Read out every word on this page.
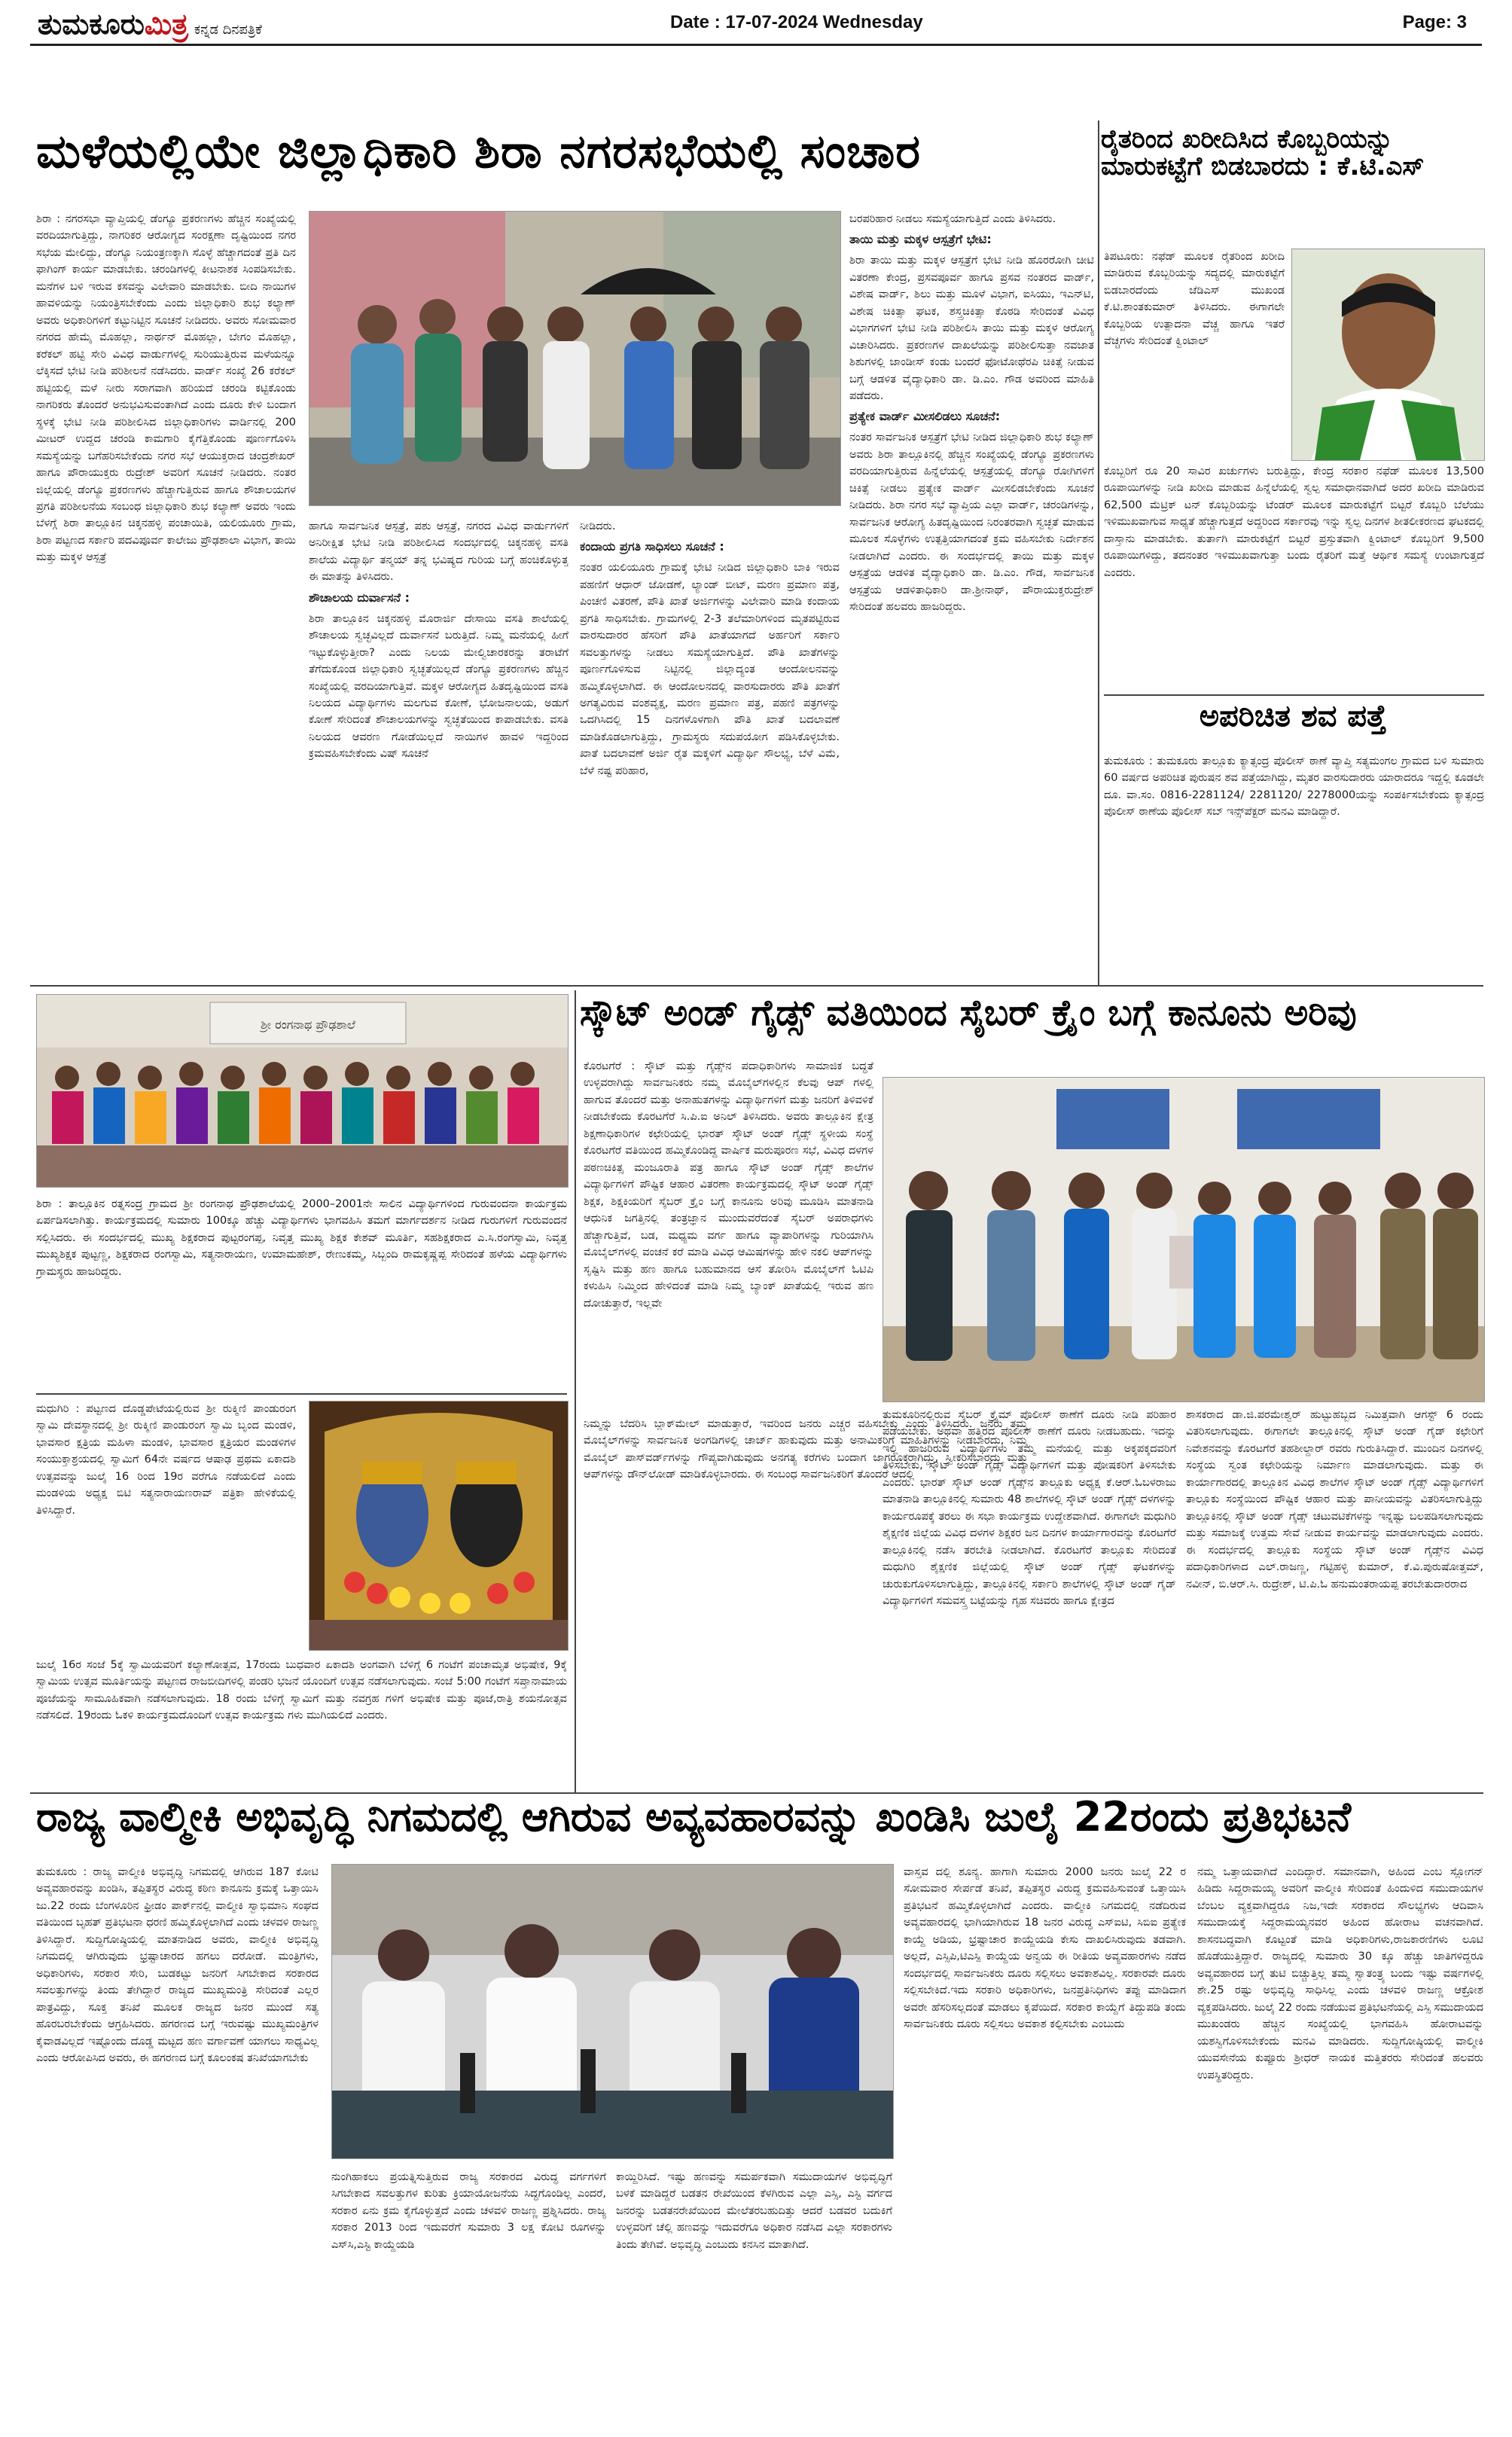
ತುಮಕೂರುಮಿತ್ರ ಕನ್ನಡ ದಿನಪತ್ರಿಕೆ	Date : 17-07-2024 Wednesday	Page: 3
ಮಳೆಯಲ್ಲಿಯೇ ಜಿಲ್ಲಾಧಿಕಾರಿ ಶಿರಾ ನಗರಸಭೆಯಲ್ಲಿ ಸಂಚಾರ

ಶಿರಾ : ನಗರಸಭಾ ವ್ಯಾಪ್ತಿಯಲ್ಲಿ ಡೆಂಗ್ಯೂ ಪ್ರಕರಣಗಳು ಹೆಚ್ಚಿನ ಸಂಖ್ಯೆಯಲ್ಲಿ ವರದಿಯಾಗುತ್ತಿದ್ದು, ನಾಗರಿಕರ ಆರೋಗ್ಯದ ಸಂರಕ್ಷಣಾ ದೃಷ್ಟಿಯಿಂದ ನಗರ ಸಭೆಯ ಮೇಲಿದ್ದು, ಡೆಂಗ್ಯೂ ನಿಯಂತ್ರಣಕ್ಕಾಗಿ ಸೊಳ್ಳೆ ಹೆಚ್ಚಾಗದಂತೆ ಪ್ರತಿ ದಿನ ಫಾಗಿಂಗ್ ಕಾರ್ಯ ಮಾಡಬೇಕು. ಚರಂಡಿಗಳಲ್ಲಿ ಕೀಟನಾಶಕ ಸಿಂಪಡಿಸಬೇಕು. ಮನೆಗಳ ಬಳಿ ಇರುವ ಕಸವನ್ನು ವಿಲೇವಾರಿ ಮಾಡಬೇಕು. ಬೀದಿ ನಾಯಿಗಳ ಹಾವಳಿಯನ್ನು ನಿಯಂತ್ರಿಸಬೇಕೆಂದು ಎಂದು ಜಿಲ್ಲಾಧಿಕಾರಿ ಶುಭ ಕಲ್ಯಾಣ್ ಅವರು ಅಧಿಕಾರಿಗಳಿಗೆ ಕಟ್ಟುನಿಟ್ಟಿನ ಸೂಚನೆ ನೀಡಿದರು. ಅವರು ಸೋಮವಾರ ನಗರದ ಹೇಮೈ ಮೊಹಲ್ಲಾ, ನಾರ್ಥನ್ ಮೊಹಲ್ಲಾ, ಬೇಗಂ ಮೊಹಲ್ಲಾ, ಕರೆಕಲ್ ಹಟ್ಟಿ ಸೇರಿ ವಿವಿಧ ವಾರ್ಡುಗಳಲ್ಲಿ ಸುರಿಯುತ್ತಿರುವ ಮಳೆಯನ್ನೂ ಲೆಕ್ಕಿಸದೆ ಭೇಟಿ ನೀಡಿ ಪರಿಶೀಲನೆ ನಡೆಸಿದರು. ವಾರ್ಡ್ ಸಂಖ್ಯೆ 26 ಕರೆಕಲ್ ಹಟ್ಟಿಯಲ್ಲಿ ಮಳೆ ನೀರು ಸರಾಗವಾಗಿ ಹರಿಯದೆ ಚರಂಡಿ ಕಟ್ಟಿಕೊಂಡು ನಾಗರಿಕರು ತೊಂದರೆ ಅನುಭವಿಸುವಂತಾಗಿದೆ ಎಂದು ದೂರು ಕೇಳಿ ಬಂದಾಗ ಸ್ಥಳಕ್ಕೆ ಭೇಟಿ ನೀಡಿ ಪರಿಶೀಲಿಸಿದ ಜಿಲ್ಲಾಧಿಕಾರಿಗಳು ವಾರ್ಡಿನಲ್ಲಿ 200 ಮೀಟರ್ ಉದ್ದದ ಚರಂಡಿ ಕಾಮಗಾರಿ ಕೈಗೆತ್ತಿಕೊಂಡು ಪೂರ್ಣಗೊಳಿಸಿ ಸಮಸ್ಯೆಯನ್ನು ಬಗೆಹರಿಸಬೇಕೆಂದು ನಗರ ಸಭೆ ಆಯುಕ್ತರಾದ ಚಂದ್ರಶೇಖರ್ ಹಾಗೂ ಪೌರಾಯುಕ್ತರು ರುದ್ರೇಶ್ ಅವರಿಗೆ ಸೂಚನೆ ನೀಡಿದರು. ನಂತರ ಜಿಲ್ಲೆಯಲ್ಲಿ ಡೆಂಗ್ಯೂ ಪ್ರಕರಣಗಳು ಹೆಚ್ಚಾಗುತ್ತಿರುವ ಹಾಗೂ ಶೌಚಾಲಯಗಳ ಪ್ರಗತಿ ಪರಿಶೀಲನೆಯ ಸಂಬಂಧ ಜಿಲ್ಲಾಧಿಕಾರಿ ಶುಭ ಕಲ್ಯಾಣ್ ಅವರು ಇಂದು ಬೆಳಗ್ಗೆ ಶಿರಾ ತಾಲ್ಲೂಕಿನ ಚಿಕ್ಕನಹಳ್ಳಿ ಪಂಚಾಯಿತಿ, ಯಲಿಯೂರು ಗ್ರಾಮ, ಶಿರಾ ಪಟ್ಟಣದ ಸರ್ಕಾರಿ ಪದವಿಪೂರ್ವ ಕಾಲೇಜು ಪ್ರೌಢಶಾಲಾ ವಿಭಾಗ, ತಾಯಿ ಮತ್ತು ಮಕ್ಕಳ ಆಸ್ಪತ್ರೆ

ಹಾಗೂ ಸಾರ್ವಜನಿಕ ಆಸ್ಪತ್ರೆ, ಪಶು ಆಸ್ಪತ್ರೆ, ನಗರದ ವಿವಿಧ ವಾರ್ಡುಗಳಿಗೆ ಅನಿರೀಕ್ಷಿತ ಭೇಟಿ ನೀಡಿ ಪರಿಶೀಲಿಸಿದ ಸಂದರ್ಭದಲ್ಲಿ ಚಿಕ್ಕನಹಳ್ಳಿ ವಸತಿ ಶಾಲೆಯ ವಿದ್ಯಾರ್ಥಿ ತನ್ಮಯ್ ತನ್ನ ಭವಿಷ್ಯದ ಗುರಿಯ ಬಗ್ಗೆ ಹಂಚಿಕೊಳ್ಳುತ್ತ ಈ ಮಾತನ್ನು ತಿಳಿಸಿದರು.

ಶೌಚಾಲಯ ದುರ್ವಾಸನೆ :

ಶಿರಾ ತಾಲ್ಲೂಕಿನ ಚಿಕ್ಕನಹಳ್ಳಿ ಮೊರಾರ್ಜಿ ದೇಸಾಯಿ ವಸತಿ ಶಾಲೆಯಲ್ಲಿ ಶೌಚಾಲಯ ಸ್ವಚ್ಛವಿಲ್ಲದೆ ದುರ್ವಾಸನೆ ಬರುತ್ತಿದೆ. ನಿಮ್ಮ ಮನೆಯಲ್ಲಿ ಹೀಗೆ ಇಟ್ಟುಕೊಳ್ಳುತ್ತೀರಾ? ಎಂದು ನಿಲಯ ಮೇಲ್ವಿಚಾರಕರನ್ನು ತರಾಟೆಗೆ ತೆಗೆದುಕೊಂಡ ಜಿಲ್ಲಾಧಿಕಾರಿ ಸ್ವಚ್ಛತೆಯಿಲ್ಲದೆ ಡೆಂಗ್ಯೂ ಪ್ರಕರಣಗಳು ಹೆಚ್ಚಿನ ಸಂಖ್ಯೆಯಲ್ಲಿ ವರದಿಯಾಗುತ್ತಿವೆ. ಮಕ್ಕಳ ಆರೋಗ್ಯದ ಹಿತದೃಷ್ಟಿಯಿಂದ ವಸತಿ ನಿಲಯದ ವಿದ್ಯಾರ್ಥಿಗಳು ಮಲಗುವ ಕೋಣೆ, ಭೋಜನಾಲಯ, ಅಡುಗೆ ಕೋಣೆ ಸೇರಿದಂತೆ ಶೌಚಾಲಯಗಳನ್ನು ಸ್ವಚ್ಛತೆಯಿಂದ ಕಾಪಾಡಬೇಕು. ವಸತಿ ನಿಲಯದ ಆವರಣ ಗೋಡೆಯಿಲ್ಲದೆ ನಾಯಿಗಳ ಹಾವಳಿ ಇದ್ದರಿಂದ ಕ್ರಮವಹಿಸಬೇಕೆಂದು ವಿಷ್ ಸೂಚನೆ

ನೀಡಿದರು.

ಕಂದಾಯ ಪ್ರಗತಿ ಸಾಧಿಸಲು ಸೂಚನೆ :

ನಂತರ ಯಲಿಯೂರು ಗ್ರಾಮಕ್ಕೆ ಭೇಟಿ ನೀಡಿದ ಜಿಲ್ಲಾಧಿಕಾರಿ ಬಾಕಿ ಇರುವ ಪಹಣಿಗೆ ಆಧಾರ್ ಜೋಡಣೆ, ಲ್ಯಾಂಡ್ ಬೀಟ್, ಮರಣ ಪ್ರಮಾಣ ಪತ್ರ, ಪಿಂಚಣಿ ವಿತರಣೆ, ಪೌತಿ ಖಾತೆ ಅರ್ಜಿಗಳನ್ನು ವಿಲೇವಾರಿ ಮಾಡಿ ಕಂದಾಯ ಪ್ರಗತಿ ಸಾಧಿಸಬೇಕು. ಗ್ರಾಮಗಳಲ್ಲಿ 2-3 ತಲೆಮಾರಿಗಳಿಂದ ಮೃತಪಟ್ಟಿರುವ ವಾರಸುದಾರರ ಹೆಸರಿಗೆ ಪೌತಿ ಖಾತೆಯಾಗದೆ ಅರ್ಹರಿಗೆ ಸರ್ಕಾರಿ ಸವಲತ್ತುಗಳನ್ನು ನೀಡಲು ಸಮಸ್ಯೆಯಾಗುತ್ತಿದೆ. ಪೌತಿ ಖಾತೆಗಳನ್ನು ಪೂರ್ಣಗೊಳಿಸುವ ನಿಟ್ಟಿನಲ್ಲಿ ಜಿಲ್ಲಾದ್ಯಂತ ಆಂದೋಲನವನ್ನು ಹಮ್ಮಿಕೊಳ್ಳಲಾಗಿದೆ. ಈ ಆಂದೋಲನದಲ್ಲಿ ವಾರಸುದಾರರು ಪೌತಿ ಖಾತೆಗೆ ಅಗತ್ಯವಿರುವ ವಂಶವೃಕ್ಷ, ಮರಣ ಪ್ರಮಾಣ ಪತ್ರ, ಪಹಣಿ ಪತ್ರಗಳನ್ನು ಒದಗಿಸಿದಲ್ಲಿ 15 ದಿನಗಳೊಳಗಾಗಿ ಪೌತಿ ಖಾತೆ ಬದಲಾವಣೆ ಮಾಡಿಕೊಡಲಾಗುತ್ತಿದ್ದು, ಗ್ರಾಮಸ್ಥರು ಸದುಪಯೋಗ ಪಡಿಸಿಕೊಳ್ಳಬೇಕು. ಖಾತೆ ಬದಲಾವಣೆ ಅರ್ಜಿ ರೈತ ಮಕ್ಕಳಿಗೆ ವಿದ್ಯಾರ್ಥಿ ಸೌಲಭ್ಯ, ಬೆಳೆ ವಿಮೆ, ಬೆಳೆ ನಷ್ಟ ಪರಿಹಾರ,

ಬರಪರಿಹಾರ ನೀಡಲು ಸಮಸ್ಯೆಯಾಗುತ್ತಿದೆ ಎಂದು ತಿಳಿಸಿದರು.

ತಾಯಿ ಮತ್ತು ಮಕ್ಕಳ ಆಸ್ಪತ್ರೆಗೆ ಭೇಟಿ:

ಶಿರಾ ತಾಯಿ ಮತ್ತು ಮಕ್ಕಳ ಆಸ್ಪತ್ರೆಗೆ ಭೇಟಿ ನೀಡಿ ಹೊರರೋಗಿ ಚೀಟಿ ವಿತರಣಾ ಕೇಂದ್ರ, ಪ್ರಸವಪೂರ್ವ ಹಾಗೂ ಪ್ರಸವ ನಂತರದ ವಾರ್ಡ್, ವಿಶೇಷ ವಾರ್ಡ್, ಶಿಲು ಮತ್ತು ಮೂಳೆ ವಿಭಾಗ, ಐಸಿಯು, ಇಎನ್‌ಟಿ, ವಿಶೇಷ ಚಿಕಿತ್ಸಾ ಘಟಕ, ಶಸ್ತ್ರಚಿಕಿತ್ಸಾ ಕೊಠಡಿ ಸೇರಿದಂತೆ ವಿವಿಧ ವಿಭಾಗಗಳಿಗೆ ಭೇಟಿ ನೀಡಿ ಪರಿಶೀಲಿಸಿ ತಾಯಿ ಮತ್ತು ಮಕ್ಕಳ ಆರೋಗ್ಯ ವಿಚಾರಿಸಿದರು. ಪ್ರಕರಣಗಳ ದಾಖಲೆಯನ್ನು ಪರಿಶೀಲಿಸುತ್ತಾ ನವಜಾತ ಶಿಶುಗಳಲ್ಲಿ ಜಾಂಡೀಸ್ ಕಂಡು ಬಂದರೆ ಫೋಟೋಥೆರಪಿ ಚಿಕಿತ್ಸೆ ನೀಡುವ ಬಗ್ಗೆ ಆಡಳಿತ ವೈದ್ಯಾಧಿಕಾರಿ ಡಾ. ಡಿ.ಎಂ. ಗೌಡ ಅವರಿಂದ ಮಾಹಿತಿ ಪಡೆದರು.

ಪ್ರತ್ಯೇಕ ವಾರ್ಡ್ ಮೀಸಲಿಡಲು ಸೂಚನೆ:

ನಂತರ ಸಾರ್ವಜನಿಕ ಆಸ್ಪತ್ರೆಗೆ ಭೇಟಿ ನೀಡಿದ ಜಿಲ್ಲಾಧಿಕಾರಿ ಶುಭ ಕಲ್ಯಾಣ್ ಅವರು ಶಿರಾ ತಾಲ್ಲೂಕಿನಲ್ಲಿ ಹೆಚ್ಚಿನ ಸಂಖ್ಯೆಯಲ್ಲಿ ಡೆಂಗ್ಯೂ ಪ್ರಕರಣಗಳು ವರದಿಯಾಗುತ್ತಿರುವ ಹಿನ್ನೆಲೆಯಲ್ಲಿ ಆಸ್ಪತ್ರೆಯಲ್ಲಿ ಡೆಂಗ್ಯೂ ರೋಗಿಗಳಿಗೆ ಚಿಕಿತ್ಸೆ ನೀಡಲು ಪ್ರತ್ಯೇಕ ವಾರ್ಡ್ ಮೀಸಲಿಡಬೇಕೆಂದು ಸೂಚನೆ ನೀಡಿದರು. ಶಿರಾ ನಗರ ಸಭೆ ವ್ಯಾಪ್ತಿಯ ಎಲ್ಲಾ ವಾರ್ಡ್, ಚರಂಡಿಗಳನ್ನು, ಸಾರ್ವಜನಿಕ ಆರೋಗ್ಯ ಹಿತದೃಷ್ಟಿಯಿಂದ ನಿರಂತರವಾಗಿ ಸ್ವಚ್ಛತೆ ಮಾಡುವ ಮೂಲಕ ಸೊಳ್ಳೆಗಳು ಉತ್ಪತ್ತಿಯಾಗದಂತೆ ಕ್ರಮ ವಹಿಸಬೇಕು ನಿರ್ದೇಶನ ನೀಡಲಾಗಿದೆ ಎಂದರು. ಈ ಸಂದರ್ಭದಲ್ಲಿ ತಾಯಿ ಮತ್ತು ಮಕ್ಕಳ ಆಸ್ಪತ್ರೆಯ ಆಡಳಿತ ವೈದ್ಯಾಧಿಕಾರಿ ಡಾ. ಡಿ.ಎಂ. ಗೌಡ, ಸಾರ್ವಜನಿಕ ಆಸ್ಪತ್ರೆಯ ಆಡಳಿತಾಧಿಕಾರಿ ಡಾ.ಶ್ರೀನಾಥ್, ಪೌರಾಯುಕ್ತರುದ್ರೇಶ್ ಸೇರಿದಂತೆ ಹಲವರು ಹಾಜರಿದ್ದರು.

ರೈತರಿಂದ ಖರೀದಿಸಿದ ಕೊಬ್ಬರಿಯನ್ನು ಮಾರುಕಟ್ಟೆಗೆ ಬಿಡಬಾರದು : ಕೆ.ಟಿ.ಎಸ್

ತಿಪಟೂರು: ನಫೆಡ್ ಮೂಲಕ ರೈತರಿಂದ ಖರೀದಿ ಮಾಡಿರುವ ಕೊಬ್ಬರಿಯನ್ನು ಸದ್ಯದಲ್ಲಿ ಮಾರುಕಟ್ಟೆಗೆ ಬಿಡಬಾರದೆಂದು ಜೆಡಿಎಸ್ ಮುಖಂಡ ಕೆ.ಟಿ.ಶಾಂತಕುಮಾರ್ ತಿಳಿಸಿದರು. ಈಗಾಗಲೇ ಕೊಬ್ಬರಿಯ ಉತ್ಪಾದನಾ ವೆಚ್ಚ ಹಾಗೂ ಇತರೆ ವೆಚ್ಚಗಳು ಸೇರಿದಂತೆ ಕ್ವಿಂಟಾಲ್

ಕೊಬ್ಬರಿಗೆ ರೂ 20 ಸಾವಿರ ಖರ್ಚುಗಳು ಬರುತ್ತಿದ್ದು, ಕೇಂದ್ರ ಸರಕಾರ ನಫೆಡ್ ಮೂಲಕ 13,500 ರೂಪಾಯಿಗಳನ್ನು ನೀಡಿ ಖರೀದಿ ಮಾಡುವ ಹಿನ್ನೆಲೆಯಲ್ಲಿ ಸ್ವಲ್ಪ ಸಮಾಧಾನವಾಗಿದೆ ಅದರ ಖರೀದಿ ಮಾಡಿರುವ 62,500 ಮೆಟ್ರಿಕ್ ಟನ್ ಕೊಬ್ಬರಿಯನ್ನು ಟೆಂಡರ್ ಮೂಲಕ ಮಾರುಕಟ್ಟೆಗೆ ಬಿಟ್ಟರೆ ಕೊಬ್ಬರಿ ಬೆಲೆಯು ಇಳಿಮುಖವಾಗುವ ಸಾಧ್ಯತೆ ಹೆಚ್ಚಾಗುತ್ತದೆ ಅದ್ದರಿಂದ ಸರ್ಕಾರವು ಇನ್ನು ಸ್ವಲ್ಪ ದಿನಗಳ ಶೀತಲೀಕರಣದ ಘಟಕದಲ್ಲಿ ದಾಸ್ತಾನು ಮಾಡಬೇಕು. ತುರ್ತಾಗಿ ಮಾರುಕಟ್ಟೆಗೆ ಬಿಟ್ಟರೆ ಪ್ರಸ್ತುತವಾಗಿ ಕ್ವಿಂಟಾಲ್ ಕೊಬ್ಬರಿಗೆ 9,500 ರೂಪಾಯಿಗಳಿದ್ದು, ತದನಂತರ ಇಳಿಮುಖವಾಗುತ್ತಾ ಬಂದು ರೈತರಿಗೆ ಮತ್ತೆ ಆರ್ಥಿಕ ಸಮಸ್ಯೆ ಉಂಟಾಗುತ್ತದೆ ಎಂದರು.

ಅಪರಿಚಿತ ಶವ ಪತ್ತೆ

ತುಮಕೂರು : ತುಮಕೂರು ತಾಲ್ಲೂಕು ಕ್ಯಾತ್ಸಂದ್ರ ಪೊಲೀಸ್ ಠಾಣೆ ವ್ಯಾಪ್ತಿ ಸತ್ಯಮಂಗಲ ಗ್ರಾಮದ ಬಳಿ ಸುಮಾರು 60 ವರ್ಷದ ಅಪರಿಚಿತ ಪುರುಷನ ಶವ ಪತ್ತೆಯಾಗಿದ್ದು, ಮೃತರ ವಾರಸುದಾರರು ಯಾರಾದರೂ ಇದ್ದಲ್ಲಿ ಕೂಡಲೇ ದೂ. ವಾ.ಸಂ. 0816-2281124/ 2281120/ 2278000ಯನ್ನು ಸಂಪರ್ಕಿಸಬೇಕೆಂದು ಕ್ಯಾತ್ಸಂದ್ರ ಪೊಲೀಸ್ ಠಾಣೆಯ ಪೊಲೀಸ್ ಸಬ್ ಇನ್ಸ್‌ಪೆಕ್ಟರ್ ಮನವಿ ಮಾಡಿದ್ದಾರೆ.

ಶ್ರೀ ರಂಗನಾಥ ಪ್ರೌಢಶಾಲೆ

ಶಿರಾ : ತಾಲ್ಲೂಕಿನ ರತ್ನಸಂದ್ರ ಗ್ರಾಮದ ಶ್ರೀ ರಂಗನಾಥ ಪ್ರೌಢಶಾಲೆಯಲ್ಲಿ 2000–2001ನೇ ಸಾಲಿನ ವಿದ್ಯಾರ್ಥಿಗಳಿಂದ ಗುರುವಂದನಾ ಕಾರ್ಯಕ್ರಮ ಏರ್ಪಡಿಸಲಾಗಿತ್ತು. ಕಾರ್ಯಕ್ರಮದಲ್ಲಿ ಸುಮಾರು 100ಕ್ಕೂ ಹೆಚ್ಚು ವಿದ್ಯಾರ್ಥಿಗಳು ಭಾಗವಹಿಸಿ ತಮಗೆ ಮಾರ್ಗದರ್ಶನ ನೀಡಿದ ಗುರುಗಳಿಗೆ ಗುರುವಂದನೆ ಸಲ್ಲಿಸಿದರು. ಈ ಸಂದರ್ಭದಲ್ಲಿ ಮುಖ್ಯ ಶಿಕ್ಷಕರಾದ ಪುಟ್ಟರಂಗಪ್ಪ, ನಿವೃತ್ತ ಮುಖ್ಯ ಶಿಕ್ಷಕ ಕೇಶವ್ ಮೂರ್ತಿ, ಸಹಶಿಕ್ಷಕರಾದ ಎ.ಸಿ.ರಂಗಸ್ವಾಮಿ, ನಿವೃತ್ತ ಮುಖ್ಯಶಿಕ್ಷಕ ಪುಟ್ಟಣ್ಣ, ಶಿಕ್ಷಕರಾದ ರಂಗಸ್ವಾಮಿ, ಸತ್ಯನಾರಾಯಣ, ಉಮಾಮಹೇಶ್, ರೇಣುಕಮ್ಮ, ಸಿಬ್ಬಂದಿ ರಾಮಕೃಷ್ಣಪ್ಪ ಸೇರಿದಂತೆ ಹಳೆಯ ವಿದ್ಯಾರ್ಥಿಗಳು ಗ್ರಾಮಸ್ಥರು ಹಾಜರಿದ್ದರು.

ಮಧುಗಿರಿ : ಪಟ್ಟಣದ ದೊಡ್ಡಪೇಟೆಯಲ್ಲಿರುವ ಶ್ರೀ ರುಕ್ಮಿಣಿ ಪಾಂಡುರಂಗ ಸ್ವಾಮಿ ದೇವಸ್ಥಾನದಲ್ಲಿ ಶ್ರೀ ರುಕ್ಮಿಣಿ ಪಾಂಡುರಂಗ ಸ್ವಾಮಿ ಬೃಂದ ಮಂಡಳಿ, ಭಾವಸಾರ ಕ್ಷತ್ರಿಯ ಮಹಿಳಾ ಮಂಡಳಿ, ಭಾವಸಾರ ಕ್ಷತ್ರಿಯರ ಮಂಡಳಿಗಳ ಸಂಯುಕ್ತಾಶ್ರಯದಲ್ಲಿ ಸ್ವಾಮಿಗೆ 64ನೇ ವರ್ಷದ ಆಷಾಢ ಪ್ರಥಮ ಏಕಾದಶಿ ಉತ್ಸವವನ್ನು ಜುಲೈ 16 ರಿಂದ 19ರ ವರೆಗೂ ನಡೆಯಲಿದೆ ಎಂದು ಮಂಡಳಿಯ ಅಧ್ಯಕ್ಷ ಬಿಟಿ ಸತ್ಯನಾರಾಯಣರಾವ್ ಪತ್ರಿಕಾ ಹೇಳಿಕೆಯಲ್ಲಿ ತಿಳಿಸಿದ್ದಾರೆ.

ಜುಲೈ 16ರ ಸಂಜೆ 5ಕ್ಕೆ ಸ್ವಾಮಿಯವರಿಗೆ ಕಲ್ಯಾಣೋತ್ಸವ, 17ರಂದು ಬುಧವಾರ ಏಕಾದಶಿ ಅಂಗವಾಗಿ ಬೆಳಿಗ್ಗೆ 6 ಗಂಟೆಗೆ ಪಂಚಾಮೃತ ಅಭಿಷೇಕ, 9ಕ್ಕೆ ಸ್ವಾಮಿಯ ಉತ್ಸವ ಮೂರ್ತಿಯನ್ನು ಪಟ್ಟಣದ ರಾಜಬೀದಿಗಳಲ್ಲಿ ಪಂಡರಿ ಭಜನೆ ಯೊಂದಿಗೆ ಉತ್ಸವ ನಡೆಸಲಾಗುವುದು. ಸಂಜೆ 5:00 ಗಂಟೆಗೆ ಸಪ್ತಾನಾಮಾಯ ಪೂಜೆಯನ್ನು ಸಾಮೂಹಿಕವಾಗಿ ನಡೆಸಲಾಗುವುದು. 18 ರಂದು ಬೆಳಿಗ್ಗೆ ಸ್ವಾಮಿಗೆ ಮತ್ತು ನವಗ್ರಹ ಗಳಿಗೆ ಅಭಿಷೇಕ ಮತ್ತು ಪೂಜೆ,ರಾತ್ರಿ ಶಯನೋತ್ಸವ ನಡೆಸಲಿದೆ. 19ರಂದು ಓಕಳಿ ಕಾರ್ಯಕ್ರಮದೊಂದಿಗೆ ಉತ್ಸವ ಕಾರ್ಯಕ್ರಮ ಗಳು ಮುಗಿಯಲಿದೆ ಎಂದರು.

ಸ್ಕೌಟ್ ಅಂಡ್ ಗೈಡ್ಸ್ ವತಿಯಿಂದ ಸೈಬರ್ ಕ್ರೈಂ ಬಗ್ಗೆ ಕಾನೂನು ಅರಿವು

ಕೊರಟಗೆರೆ : ಸ್ಕೌಟ್ ಮತ್ತು ಗೈಡ್ಸ್‌ನ ಪದಾಧಿಕಾರಿಗಳು ಸಾಮಾಜಿಕ ಬದ್ಧತೆ ಉಳ್ಳವರಾಗಿದ್ದು ಸಾರ್ವಜನಿಕರು ನಮ್ಮ ಮೊಬೈಲ್‌ಗಳಲ್ಲಿನ ಕೆಲವು ಆಪ್ ಗಳಲ್ಲಿ ಹಾಗುವ ತೊಂದರೆ ಮತ್ತು ಅನಾಹುತಗಳನ್ನು ವಿದ್ಯಾರ್ಥಿಗಳಿಗೆ ಮತ್ತು ಜನರಿಗೆ ತಿಳಿವಳಿಕೆ ನೀಡಬೇಕೆಂದು ಕೊರಟಗೆರೆ ಸಿ.ಪಿ.ಐ ಅನಿಲ್ ತಿಳಿಸಿದರು. ಅವರು ತಾಲ್ಲೂಕಿನ ಕ್ಷೇತ್ರ ಶಿಕ್ಷಣಾಧಿಕಾರಿಗಳ ಕಛೇರಿಯಲ್ಲಿ ಭಾರತ್ ಸ್ಕೌಟ್ ಅಂಡ್ ಗೈಡ್ಸ್ ಸ್ಥಳೀಯ ಸಂಸ್ಥೆ ಕೊರಟಗೆರೆ ವತಿಯಿಂದ ಹಮ್ಮಿಕೊಂಡಿದ್ದ ವಾರ್ಷಿಕ ಮರುಪೂರಣ ಸಭೆ, ವಿವಿಧ ದಳಗಳ ಪಠಣಚಿಕಿತ್ಸ ಮಂಜೂರಾತಿ ಪತ್ರ ಹಾಗೂ ಸ್ಕೌಟ್ ಅಂಡ್ ಗೈಡ್ಸ್ ಶಾಲೆಗಳ ವಿದ್ಯಾರ್ಥಿಗಳಿಗೆ ಪೌಷ್ಟಿಕ ಆಹಾರ ವಿತರಣಾ ಕಾರ್ಯಕ್ರಮದಲ್ಲಿ ಸ್ಕೌಟ್ ಅಂಡ್ ಗೈಡ್ಸ್ ಶಿಕ್ಷಕ, ಶಿಕ್ಷಕಿಯರಿಗೆ ಸೈಬರ್ ಕ್ರೈಂ ಬಗ್ಗೆ ಕಾನೂನು ಅರಿವು ಮೂಡಿಸಿ ಮಾತನಾಡಿ ಆಧುನಿಕ ಜಗತ್ತಿನಲ್ಲಿ ತಂತ್ರಜ್ಞಾನ ಮುಂದುವರೆದಂತೆ ಸೈಬರ್ ಅಪರಾಧಗಳು ಹೆಚ್ಚಾಗುತ್ತಿವೆ, ಬಡ, ಮಧ್ಯಮ ವರ್ಗ ಹಾಗೂ ವ್ಯಾಪಾರಿಗಳನ್ನು ಗುರಿಯಾಗಿಸಿ ಮೊಬೈಲ್‌ಗಳಲ್ಲಿ ವಂಚನೆ ಕರೆ ಮಾಡಿ ವಿವಿಧ ಆಮಿಷಗಳನ್ನು ಹೇಳಿ ನಕಲಿ ಆಪ್‌ಗಳನ್ನು ಸೃಷ್ಟಿಸಿ ಮತ್ತು ಹಣ ಹಾಗೂ ಬಹುಮಾನದ ಆಸೆ ತೋರಿಸಿ ಮೊಬೈಲ್‌ಗೆ ಓಟಿಪಿ ಕಳುಹಿಸಿ ನಿಮ್ಮಿಂದ ಹೇಳಿದಂತೆ ಮಾಡಿ ನಿಮ್ಮ ಬ್ಯಾಂಕ್ ಖಾತೆಯಲ್ಲಿ ಇರುವ ಹಣ ದೋಚುತ್ತಾರೆ, ಇಲ್ಲವೇ

ನಿಮ್ಮನ್ನು ಬೆದರಿಸಿ ಬ್ಲಾಕ್‌ಮೇಲ್ ಮಾಡುತ್ತಾರೆ, ಇವರಿಂದ ಜನರು ಎಚ್ಚರ ವಹಿಸಬೇಕು ಎಂದು ತಿಳಿಸಿದರು. ಜನರು ತಮ್ಮ ಮೊಬೈಲ್‌ಗಳನ್ನು ಸಾರ್ವಜನಿಕ ಅಂಗಡಿಗಳಲ್ಲಿ ಚಾರ್ಜ್ ಹಾಕುವುದು ಮತ್ತು ಅನಾಮಿಕರಿಗೆ ಮಾಹಿತಿಗಳನ್ನು ನೀಡಬಾರದು, ನಿಮ್ಮ ಮೊಬೈಲ್ ಪಾಸ್‌ವರ್ಡ್‌ಗಳನ್ನು ಗೌಪ್ಯವಾಗಿಡುವುದು ಅನಗತ್ಯ ಕರೆಗಳು ಬಂದಾಗ ಜಾಗರೂಕರಾಗಿದ್ದು, ಸ್ವೀಕರಿಸಬಾರದು ಮತ್ತು ಆಪ್‌ಗಳನ್ನು ಡೌನ್‌ಲೋಡ್ ಮಾಡಿಕೊಳ್ಳಬಾರದು. ಈ ಸಂಬಂಧ ಸಾರ್ವಜನಿಕರಿಗೆ ತೊಂದರೆ ಆದಲ್ಲಿ

ತುಮಕೂರಿನಲ್ಲಿರುವ ಸೈಬರ್ ಕ್ರೈಮ್ ಪೊಲೀಸ್ ಠಾಣೆಗೆ ದೂರು ನೀಡಿ ಪರಿಹಾರ ಪಡೆಯಬೇಕು. ಅಥವಾ ಹತ್ತಿರದ ಪೊಲೀಸ್ ಠಾಣೆಗೆ ದೂರು ನೀಡಬಹುದು. ಇದನ್ನು ಇಲ್ಲಿ ಹಾಜರಿರುವ ವಿದ್ಯಾರ್ಥಿಗಳು ತಮ್ಮ ಮನೆಯಲ್ಲಿ ಮತ್ತು ಅಕ್ಕಪಕ್ಕದವರಿಗೆ ತಿಳಿಸಬೇಕು, ಸ್ಕೌಟ್ ಅಂಡ್ ಗೈಡ್ಸ್ ವಿದ್ಯಾರ್ಥಿಗಳಿಗೆ ಮತ್ತು ಪೋಷಕರಿಗೆ ತಿಳಿಸಬೇಕು ಎಂದರು. ಭಾರತ್ ಸ್ಕೌಟ್ ಅಂಡ್ ಗೈಡ್ಸ್‌ನ ತಾಲ್ಲೂಕು ಅಧ್ಯಕ್ಷ ಕೆ.ಆರ್.ಓಬಳರಾಜು ಮಾತನಾಡಿ ತಾಲ್ಲೂಕಿನಲ್ಲಿ ಸುಮಾರು 48 ಶಾಲೆಗಳಲ್ಲಿ ಸ್ಕೌಟ್ ಅಂಡ್ ಗೈಡ್ಸ್ ದಳಗಳನ್ನು ಕಾರ್ಯರೂಪಕ್ಕೆ ತರಲು ಈ ಸಭಾ ಕಾರ್ಯಕ್ರಮ ಉದ್ದೇಶವಾಗಿದೆ. ಈಗಾಗಲೇ ಮಧುಗಿರಿ ಶೈಕ್ಷಣಿಕ ಜಿಲ್ಲೆಯ ವಿವಿಧ ದಳಗಳ ಶಿಕ್ಷಕರ ಜನ ದಿನಗಳ ಕಾರ್ಯಾಗಾರವನ್ನು ಕೊರಟಗೆರೆ ತಾಲ್ಲೂಕಿನಲ್ಲಿ ನಡೆಸಿ ತರಬೇತಿ ನೀಡಲಾಗಿದೆ. ಕೊರಟಗೆರೆ ತಾಲ್ಲೂಕು ಸೇರಿದಂತೆ ಮಧುಗಿರಿ ಶೈಕ್ಷಣಿಕ ಜಿಲ್ಲೆಯಲ್ಲಿ ಸ್ಕೌಟ್ ಅಂಡ್ ಗೈಡ್ಸ್ ಘಟಕಗಳನ್ನು ಚುರುಕುಗೊಳಿಸಲಾಗುತ್ತಿದ್ದು, ತಾಲ್ಲೂಕಿನಲ್ಲಿ ಸರ್ಕಾರಿ ಶಾಲೆಗಳಲ್ಲಿ ಸ್ಕೌಟ್ ಅಂಡ್ ಗೈಡ್ ವಿದ್ಯಾರ್ಥಿಗಳಿಗೆ ಸಮವಸ್ತ್ರ ಬಟ್ಟೆಯನ್ನು ಗೃಹ ಸಚಿವರು ಹಾಗೂ ಕ್ಷೇತ್ರದ

ಶಾಸಕರಾದ ಡಾ.ಜಿ.ಪರಮೇಶ್ವರ್ ಹುಟ್ಟುಹಬ್ಬದ ನಿಮಿತ್ತವಾಗಿ ಆಗಸ್ಟ್ 6 ರಂದು ವಿತರಿಸಲಾಗುವುದು. ಈಗಾಗಲೇ ತಾಲ್ಲೂಕಿನಲ್ಲಿ ಸ್ಕೌಟ್ ಅಂಡ್ ಗೈಡ್ ಕಛೇರಿಗೆ ನಿವೇಶನವನ್ನು ಕೊರಟಗೆರೆ ತಹಶೀಲ್ದಾರ್ ರವರು ಗುರುತಿಸಿದ್ದಾರೆ. ಮುಂದಿನ ದಿನಗಳಲ್ಲಿ ಸಂಸ್ಥೆಯ ಸ್ವಂತ ಕಛೇರಿಯನ್ನು ನಿರ್ಮಾಣ ಮಾಡಲಾಗುವುದು. ಮತ್ತು ಈ ಕಾರ್ಯಾಗಾರದಲ್ಲಿ ತಾಲ್ಲೂಕಿನ ವಿವಿಧ ಶಾಲೆಗಳ ಸ್ಕೌಟ್ ಅಂಡ್ ಗೈಡ್ಸ್ ವಿದ್ಯಾರ್ಥಿಗಳಿಗೆ ತಾಲ್ಲೂಕು ಸಂಸ್ಥೆಯಿಂದ ಪೌಷ್ಟಿಕ ಆಹಾರ ಮತ್ತು ಪಾನೀಯವನ್ನು ವಿತರಿಸಲಾಗುತ್ತಿದ್ದು ತಾಲ್ಲೂಕಿನಲ್ಲಿ ಸ್ಕೌಟ್ ಅಂಡ್ ಗೈಡ್ಸ್ ಚಟುವಟಿಕೆಗಳನ್ನು ಇನ್ನಷ್ಟು ಬಲಪಡಿಸಲಾಗುವುದು ಮತ್ತು ಸಮಾಜಕ್ಕೆ ಉತ್ತಮ ಸೇವೆ ನೀಡುವ ಕಾರ್ಯವನ್ನು ಮಾಡಲಾಗುವುದು ಎಂದರು. ಈ ಸಂದರ್ಭದಲ್ಲಿ ತಾಲ್ಲೂಕು ಸಂಸ್ಥೆಯ ಸ್ಕೌಟ್ ಅಂಡ್ ಗೈಡ್ಸ್‌ನ ವಿವಿಧ ಪದಾಧಿಕಾರಿಗಳಾದ ಎಲ್.ರಾಜಣ್ಣ, ಗಟ್ಟಿಹಳ್ಳಿ ಕುಮಾರ್, ಕೆ.ವಿ.ಪುರುಷೋತ್ತಮ್, ನವೀನ್, ಬಿ.ಆರ್.ಸಿ. ರುದ್ರೇಶ್, ಟಿ.ಪಿ.ಓ ಹನುಮಂತರಾಯಪ್ಪ ತರಬೇತುದಾರರಾದ

ರಾಜ್ಯ ವಾಲ್ಮೀಕಿ ಅಭಿವೃದ್ಧಿ ನಿಗಮದಲ್ಲಿ ಆಗಿರುವ ಅವ್ಯವಹಾರವನ್ನು ಖಂಡಿಸಿ ಜುಲೈ 22ರಂದು ಪ್ರತಿಭಟನೆ

ತುಮಕೂರು : ರಾಜ್ಯ ವಾಲ್ಮೀಕಿ ಅಭಿವೃದ್ಧಿ ನಿಗಮದಲ್ಲಿ ಆಗಿರುವ 187 ಕೋಟಿ ಅವ್ಯವಹಾರವನ್ನು ಖಂಡಿಸಿ, ತಪ್ಪಿತಸ್ಥರ ವಿರುದ್ಧ ಕಠಿಣ ಕಾನೂನು ಕ್ರಮಕ್ಕೆ ಒತ್ತಾಯಿಸಿ ಜು.22 ರಂದು ಬೆಂಗಳೂರಿನ ಫ್ರೀಡಂ ಪಾರ್ಕ್‌ನಲ್ಲಿ ವಾಲ್ಮೀಕಿ ಸ್ವಾಭಿಮಾನಿ ಸಂಘದ ವತಿಯಿಂದ ಬೃಹತ್ ಪ್ರತಿಭಟನಾ ಧರಣಿ ಹಮ್ಮಿಕೊಳ್ಳಲಾಗಿದೆ ಎಂದು ಚಳವಳಿ ರಾಜಣ್ಣ ತಿಳಿಸಿದ್ದಾರೆ. ಸುದ್ದಿಗೋಷ್ಠಿಯಲ್ಲಿ ಮಾತನಾಡಿದ ಅವರು, ವಾಲ್ಮೀಕಿ ಅಭಿವೃದ್ಧಿ ನಿಗಮದಲ್ಲಿ ಆಗಿರುವುದು ಭ್ರಷ್ಟಾಚಾರದ ಹಗಲು ದರೋಡೆ. ಮಂತ್ರಿಗಳು, ಅಧಿಕಾರಿಗಳು, ಸರಕಾರ ಸೇರಿ, ಬುಡಕಟ್ಟು ಜನರಿಗೆ ಸಿಗಬೇಕಾದ ಸರಕಾರದ ಸವಲತ್ತುಗಳನ್ನು ತಿಂದು ತೇಗಿದ್ದಾರೆ ರಾಜ್ಯದ ಮುಖ್ಯಮಂತ್ರಿ ಸೇರಿದಂತೆ ಎಲ್ಲರ ಪಾತ್ರವಿದ್ದು, ಸೂಕ್ತ ತನಿಖೆ ಮೂಲಕ ರಾಜ್ಯದ ಜನರ ಮುಂದೆ ಸತ್ಯ ಹೊರಬರಬೇಕೆಂದು ಆಗ್ರಹಿಸಿದರು. ಹಗರಣದ ಬಗ್ಗೆ ಇರುವಷ್ಟು ಮುಖ್ಯಮಂತ್ರಿಗಳ ಕೈವಾಡವಿಲ್ಲದೆ ಇಷ್ಟೊಂದು ದೊಡ್ಡ ಮಟ್ಟದ ಹಣ ವರ್ಗಾವಣೆ ಯಾಗಲು ಸಾಧ್ಯವಿಲ್ಲ ಎಂದು ಆರೋಪಿಸಿದ ಅವರು, ಈ ಹಗರಣದ ಬಗ್ಗೆ ಕೂಲಂಕಷ ತನಿಖೆಯಾಗಬೇಕು

ನುಂಗಿಹಾಕಲು ಪ್ರಯತ್ನಿಸುತ್ತಿರುವ ರಾಜ್ಯ ಸರಕಾರದ ವಿರುದ್ಧ ವರ್ಗಗಳಿಗೆ ಸಿಗಬೇಕಾದ ಸವಲತ್ತುಗಳ ಕುರಿತು ಕ್ರಿಯಾಯೋಜನೆಯ ಸಿದ್ಧಗೊಂಡಿಲ್ಲ ಎಂದರೆ, ಸರಕಾರ ಏನು ಕ್ರಮ ಕೈಗೊಳ್ಳುತ್ತದೆ ಎಂದು ಚಳವಳಿ ರಾಜಣ್ಣ ಪ್ರಶ್ನಿಸಿದರು. ರಾಜ್ಯ ಸರಕಾರ 2013 ರಿಂದ ಇದುವರೆಗೆ ಸುಮಾರು 3 ಲಕ್ಷ ಕೋಟಿ ರೂಗಳನ್ನು ಎಸ್‌ಸಿ,ಎಸ್ಟಿ ಕಾಯ್ದೆಯಡಿ

ಕಾಯ್ದಿರಿಸಿದೆ. ಇಷ್ಟು ಹಣವನ್ನು ಸಮರ್ಪಕವಾಗಿ ಸಮುದಾಯಗಳ ಅಭಿವೃದ್ಧಿಗೆ ಬಳಕೆ ಮಾಡಿದ್ದರೆ ಬಡತನ ರೇಖೆಯಿಂದ ಕೆಳಗಿರುವ ಎಲ್ಲಾ ಎಸ್ಸಿ, ಎಸ್ಟಿ ವರ್ಗದ ಜನರನ್ನು ಬಡತನರೇಖೆಯಿಂದ ಮೇಲೆತರಬಹುದಿತ್ತು ಆದರೆ ಬಡವರ ಬದುಕಿಗೆ ಉಳ್ಳವರಿಗೆ ಚೆಲ್ಲಿ ಹಣವನ್ನು ಇದುವರೆಗೂ ಅಧಿಕಾರ ನಡೆಸಿದ ಎಲ್ಲಾ ಸರಕಾರಗಳು ತಿಂದು ತೇಗಿವೆ. ಅಭಿವೃದ್ಧಿ ಎಂಬುದು ಕನಸಿನ ಮಾತಾಗಿದೆ.

ವಾಸ್ತವ ದಲ್ಲಿ ಶೂನ್ಯ. ಹಾಗಾಗಿ ಸುಮಾರು 2000 ಜನರು ಜುಲೈ 22 ರ ಸೋಮವಾರ ಸೇರ್ಪಡೆ ತನಿಖೆ, ತಪ್ಪಿತಸ್ಥರ ವಿರುದ್ಧ ಕ್ರಮವಹಿಸುವಂತೆ ಒತ್ತಾಯಿಸಿ ಪ್ರತಿಭಟನೆ ಹಮ್ಮಿಕೊಳ್ಳಲಾಗಿದೆ ಎಂದರು. ವಾಲ್ಮೀಕಿ ನಿಗಮದಲ್ಲಿ ನಡೆದಿರುವ ಅವ್ಯವಹಾರದಲ್ಲಿ ಭಾಗಿಯಾಗಿರುವ 18 ಜನರ ವಿರುದ್ಧ ಎಸ್‌ಐಟಿ, ಸಿಬಿಐ ಪ್ರತ್ಯೇಕ ಕಾಯ್ದೆ ಅಡಿಯ, ಭ್ರಷ್ಟಾಚಾರ ಕಾಯ್ದೆಯಡಿ ಕೇಸು ದಾಖಲಿಸಿರುವುದು ತಡವಾಗಿ. ಅಲ್ಲದೆ, ಎಸ್ಸಿಪಿ,ಟಿಎಸ್ಪಿ ಕಾಯ್ದೆಯ ಅನ್ವಯ ಈ ರೀತಿಯ ಅವ್ಯವಹಾರಗಳು ನಡೆದ ಸಂದರ್ಭದಲ್ಲಿ ಸಾರ್ವಜನಿಕರು ದೂರು ಸಲ್ಲಿಸಲು ಅವಕಾಶವಿಲ್ಲ. ಸರಕಾರವೇ ದೂರು ಸಲ್ಲಿಸಬೇಕಿದೆ.ಇದು ಸರಕಾರಿ ಅಧಿಕಾರಿಗಳು, ಜನಪ್ರತಿನಿಧಿಗಳು ತಪ್ಪು ಮಾಡಿದಾಗ ಅವರೇ ಹೆಸರಿಸಲ್ಲದಂತೆ ಮಾಡಲು ಕೃಪೆಯಿದೆ. ಸರಕಾರ ಕಾಯ್ದೆಗೆ ತಿದ್ದುಪಡಿ ತಂದು ಸಾರ್ವಜನಿಕರು ದೂರು ಸಲ್ಲಿಸಲು ಅವಕಾಶ ಕಲ್ಪಿಸಬೇಕು ಎಂಬುದು

ನಮ್ಮ ಒತ್ತಾಯವಾಗಿದೆ ಎಂದಿದ್ದಾರೆ. ಸಮಾನವಾಗಿ, ಅಹಿಂದ ಎಂಬ ಸ್ಲೋಗನ್ ಹಿಡಿದು ಸಿದ್ದರಾಮಯ್ಯ ಅವರಿಗೆ ವಾಲ್ಮೀಕಿ ಸೇರಿದಂತೆ ಹಿಂದುಳಿದ ಸಮುದಾಯಗಳ ಬೆಂಬಲ ವ್ಯಕ್ತವಾಗಿದ್ದರೂ ನಿಜ,ಇದೇ ಸರಕಾರದ ಸೌಲಭ್ಯಗಳು ಆದಿವಾಸಿ ಸಮುದಾಯಕ್ಕೆ ಸಿದ್ದರಾಮಯ್ಯನವರ ಅಹಿಂದ ಹೋರಾಟ ವಚನವಾಗಿದೆ. ಶಾಸನಬದ್ಧವಾಗಿ ಕೊಟ್ಟಂತೆ ಮಾಡಿ ಅಧಿಕಾರಿಗಳು,ರಾಜಕಾರಣಿಗಳು ಲೂಟಿ ಹೊಡೆಯುತ್ತಿದ್ದಾರೆ. ರಾಜ್ಯದಲ್ಲಿ ಸುಮಾರು 30 ಕ್ಕೂ ಹೆಚ್ಚು ಜಾತಿಗಳಿದ್ದರೂ ಅವ್ಯವಹಾರದ ಬಗ್ಗೆ ತುಟಿ ಬಿಚ್ಚುತ್ತಿಲ್ಲ ತಮ್ಮ ಸ್ವಾತಂತ್ರ್ಯ ಬಂದು ಇಷ್ಟು ವರ್ಷಗಳಲ್ಲಿ ಶೇ.25 ರಷ್ಟು ಅಭಿವೃದ್ಧಿ ಸಾಧಿಸಿಲ್ಲ ಎಂದು ಚಳವಳಿ ರಾಜಣ್ಣ ಆಕ್ರೋಶ ವ್ಯಕ್ತಪಡಿಸಿದರು. ಜುಲೈ 22 ರಂದು ನಡೆಯುವ ಪ್ರತಿಭಟನೆಯಲ್ಲಿ ಎಸ್ಸಿ ಸಮುದಾಯದ ಮುಖಂಡರು ಹೆಚ್ಚಿನ ಸಂಖ್ಯೆಯಲ್ಲಿ ಭಾಗವಹಿಸಿ ಹೋರಾಟವನ್ನು ಯಶಸ್ವಿಗೊಳಿಸಬೇಕೆಂದು ಮನವಿ ಮಾಡಿದರು. ಸುದ್ದಿಗೋಷ್ಠಿಯಲ್ಲಿ ವಾಲ್ಮೀಕಿ ಯುವಸೇನೆಯ ಕುಪ್ಪೂರು ಶ್ರೀಧರ್ ನಾಯಕ ಮತ್ತಿತರರು ಸೇರಿದಂತೆ ಹಲವರು ಉಪಸ್ಥಿತರಿದ್ದರು.
